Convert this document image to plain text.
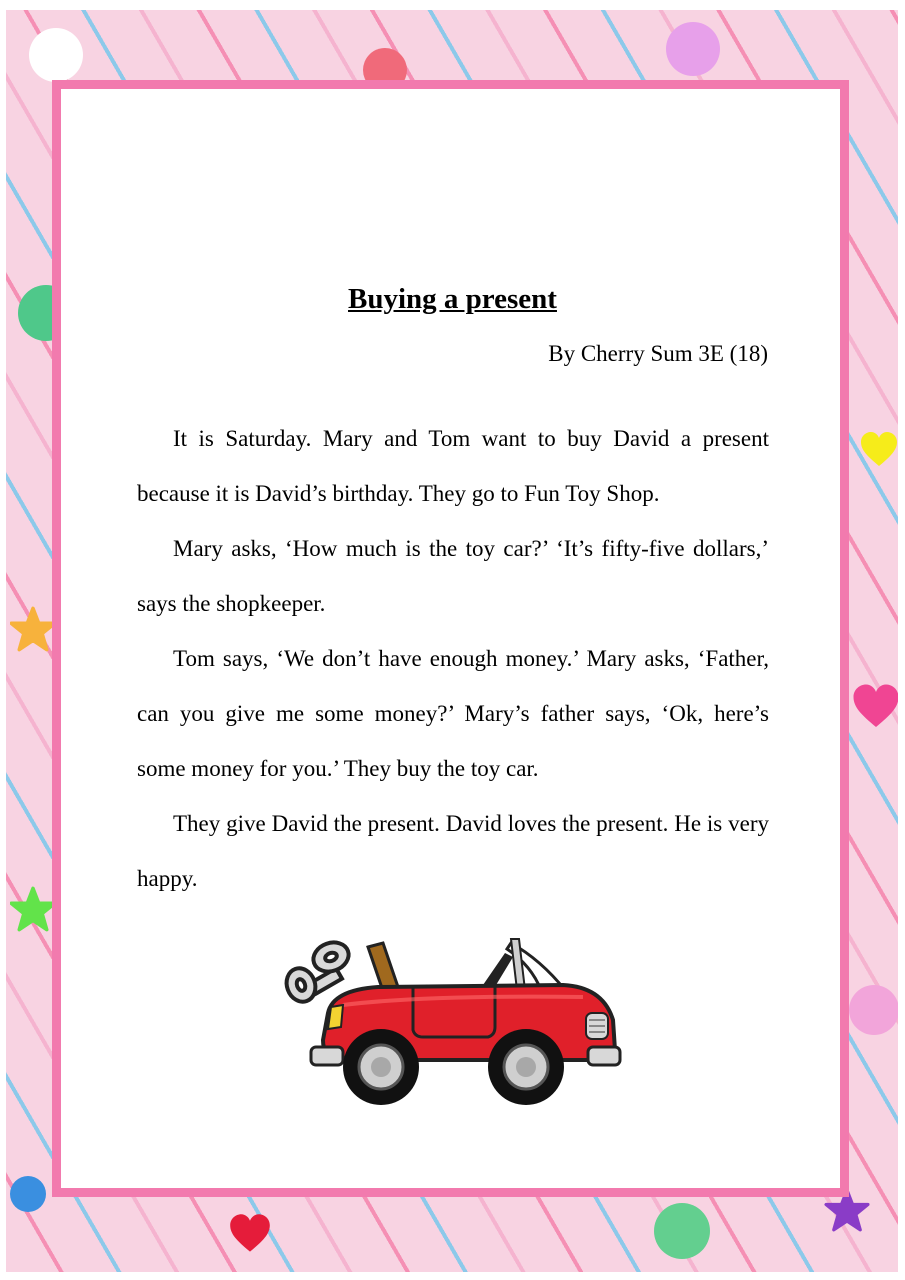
Buying a present
By Cherry Sum 3E (18)

It is Saturday. Mary and Tom want to buy David a present because it is David’s birthday. They go to Fun Toy Shop.

Mary asks, ‘How much is the toy car?’ ‘It’s fifty-five dollars,’ says the shopkeeper.

Tom says, ‘We don’t have enough money.’ Mary asks, ‘Father, can you give me some money?’ Mary’s father says, ‘Ok, here’s some money for you.’ They buy the toy car.

They give David the present. David loves the present. He is very happy.
